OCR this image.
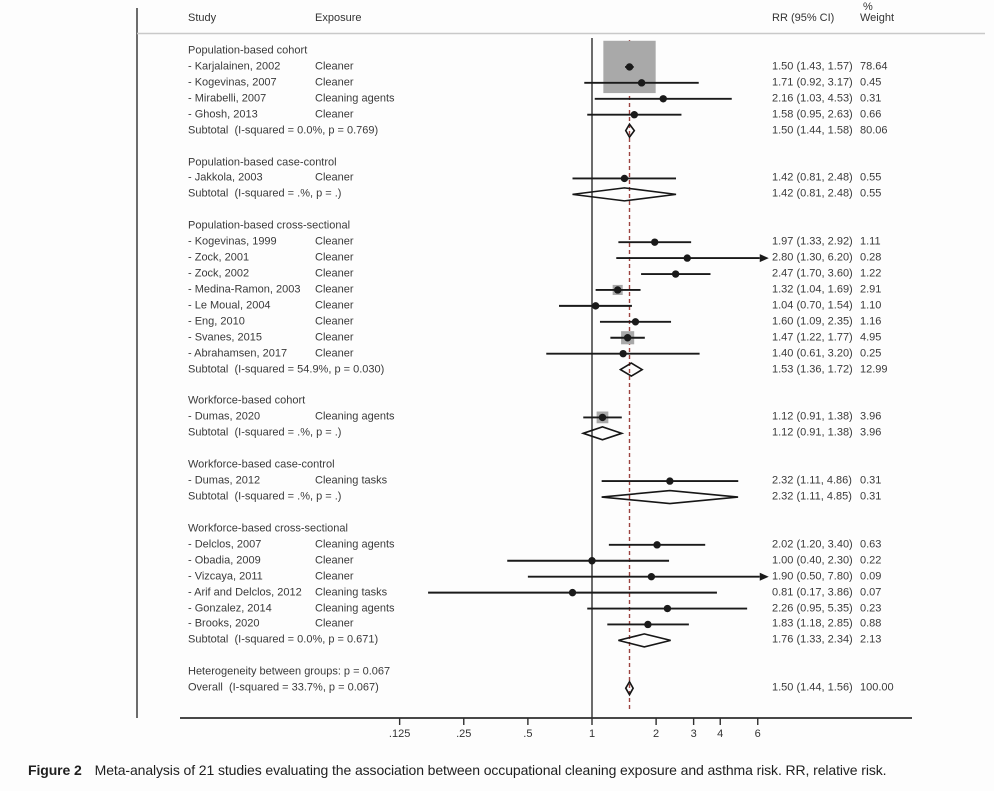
Study	Exposure
%
RR (95% CI) Weight
Population-based cohort
- Karjalainen, 2002	Cleaner	1.50 (1.43, 1.57) 78.64
- Kogevinas, 2007	Cleaner	1.71 (0.92, 3.17) 0.45
- Mirabelli, 2007	Cleaning agents	2.16 (1.03, 4.53) 0.31
- Ghosh, 2013	Cleaner	1.58 (0.95, 2.63) 0.66
Subtotal  (I-squared = 0.0%, p = 0.769)	1.50 (1.44, 1.58) 80.06
Population-based case-control
- Jakkola, 2003	Cleaner	1.42 (0.81, 2.48) 0.55
Subtotal  (I-squared = .%, p = .)	1.42 (0.81, 2.48) 0.55
Population-based cross-sectional
- Kogevinas, 1999	Cleaner	1.97 (1.33, 2.92) 1.11
- Zock, 2001	Cleaner	2.80 (1.30, 6.20) 0.28
- Zock, 2002	Cleaner	2.47 (1.70, 3.60) 1.22
- Medina-Ramon, 2003 Cleaner	1.32 (1.04, 1.69) 2.91
- Le Moual, 2004	Cleaner	1.04 (0.70, 1.54) 1.10
- Eng, 2010	Cleaner	1.60 (1.09, 2.35) 1.16
- Svanes, 2015	Cleaner	1.47 (1.22, 1.77) 4.95
- Abrahamsen, 2017	Cleaner	1.40 (0.61, 3.20) 0.25
Subtotal  (I-squared = 54.9%, p = 0.030)	1.53 (1.36, 1.72) 12.99
Workforce-based cohort
- Dumas, 2020	Cleaning agents	1.12 (0.91, 1.38) 3.96
Subtotal  (I-squared = .%, p = .)	1.12 (0.91, 1.38) 3.96
Workforce-based case-control
- Dumas, 2012	Cleaning tasks	2.32 (1.11, 4.86) 0.31
Subtotal  (I-squared = .%, p = .)	2.32 (1.11, 4.85) 0.31
Workforce-based cross-sectional
- Delclos, 2007	Cleaning agents	2.02 (1.20, 3.40) 0.63
- Obadia, 2009	Cleaner	1.00 (0.40, 2.30) 0.22
- Vizcaya, 2011	Cleaner	1.90 (0.50, 7.80) 0.09
- Arif and Delclos, 2012 Cleaning tasks	0.81 (0.17, 3.86) 0.07
- Gonzalez, 2014	Cleaning agents	2.26 (0.95, 5.35) 0.23
- Brooks, 2020	Cleaner	1.83 (1.18, 2.85) 0.88
Subtotal  (I-squared = 0.0%, p = 0.671)	1.76 (1.33, 2.34) 2.13
Heterogeneity between groups: p = 0.067
Overall  (I-squared = 33.7%, p = 0.067)	1.50 (1.44, 1.56) 100.00
.125	.25	.5	1	2	3	4	6
Figure 2 Meta-analysis of 21 studies evaluating the association between occupational cleaning exposure and asthma risk. RR, relative risk.
